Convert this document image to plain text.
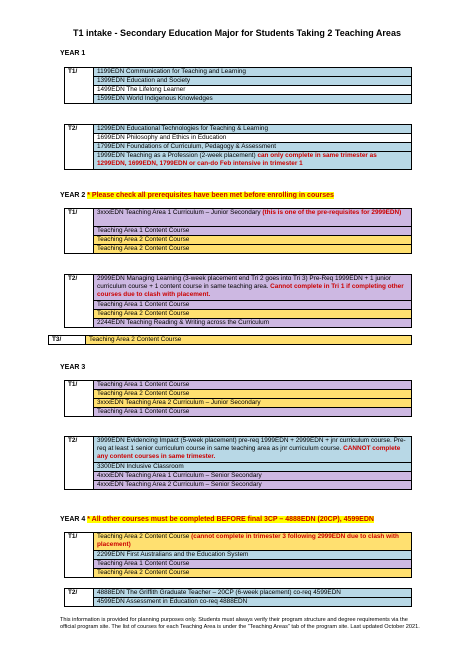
T1 intake - Secondary Education Major for Students Taking 2 Teaching Areas
YEAR 1
T1/	1199EDN Communication for Teaching and Learning
1399EDN Education and Society
1499EDN The Lifelong Learner
1599EDN World Indigenous Knowledges
T2/	1299EDN Educational Technologies for Teaching & Learning
1699EDN Philosophy and Ethics in Education
1799EDN Foundations of Curriculum, Pedagogy & Assessment
1999EDN Teaching as a Profession (2-week placement) can only complete in same trimester as 1299EDN, 1699EDN, 1799EDN or can-do Feb intensive in trimester 1
YEAR 2 * Please check all prerequisites have been met before enrolling in courses
T1/	3xxxEDN Teaching Area 1 Curriculum – Junior Secondary (this is one of the pre-requisites for 2999EDN)
Teaching Area 1 Content Course
Teaching Area 2 Content Course
Teaching Area 2 Content Course
T2/	2999EDN Managing Learning (3-week placement end Tri 2 goes into Tri 3) Pre-Req 1999EDN + 1 junior curriculum course + 1 content course in same teaching area. Cannot complete in Tri 1 if completing other courses due to clash with placement.
Teaching Area 1 Content Course
Teaching Area 2 Content Course
2244EDN Teaching Reading & Writing across the Curriculum
T3/	Teaching Area 2 Content Course
YEAR 3
T1/	Teaching Area 1 Content Course
Teaching Area 2 Content Course
3xxxEDN Teaching Area 2 Curriculum – Junior Secondary
Teaching Area 1 Content Course
T2/	3999EDN Evidencing Impact (5-week placement) pre-req 1999EDN + 2999EDN + jnr curriculum course. Pre-req at least 1 senior curriculum course in same teaching area as jnr curriculum course. CANNOT complete any content courses in same trimester.
3300EDN Inclusive Classroom
4xxxEDN Teaching Area 1 Curriculum – Senior Secondary
4xxxEDN Teaching Area 2 Curriculum – Senior Secondary
YEAR 4 * All other courses must be completed BEFORE final 3CP – 4888EDN (20CP), 4599EDN
T1/	Teaching Area 2 Content Course (cannot complete in trimester 3 following 2999EDN due to clash with placement)
2299EDN First Australians and the Education System
Teaching Area 1 Content Course
Teaching Area 2 Content Course
T2/	4888EDN The Griffith Graduate Teacher – 20CP (6-week placement) co-req 4599EDN
4599EDN Assessment in Education co-req 4888EDN
This information is provided for planning purposes only. Students must always verify their program structure and degree requirements via the official program site. The list of courses for each Teaching Area is under the “Teaching Areas” tab of the program site. Last updated October 2021.
